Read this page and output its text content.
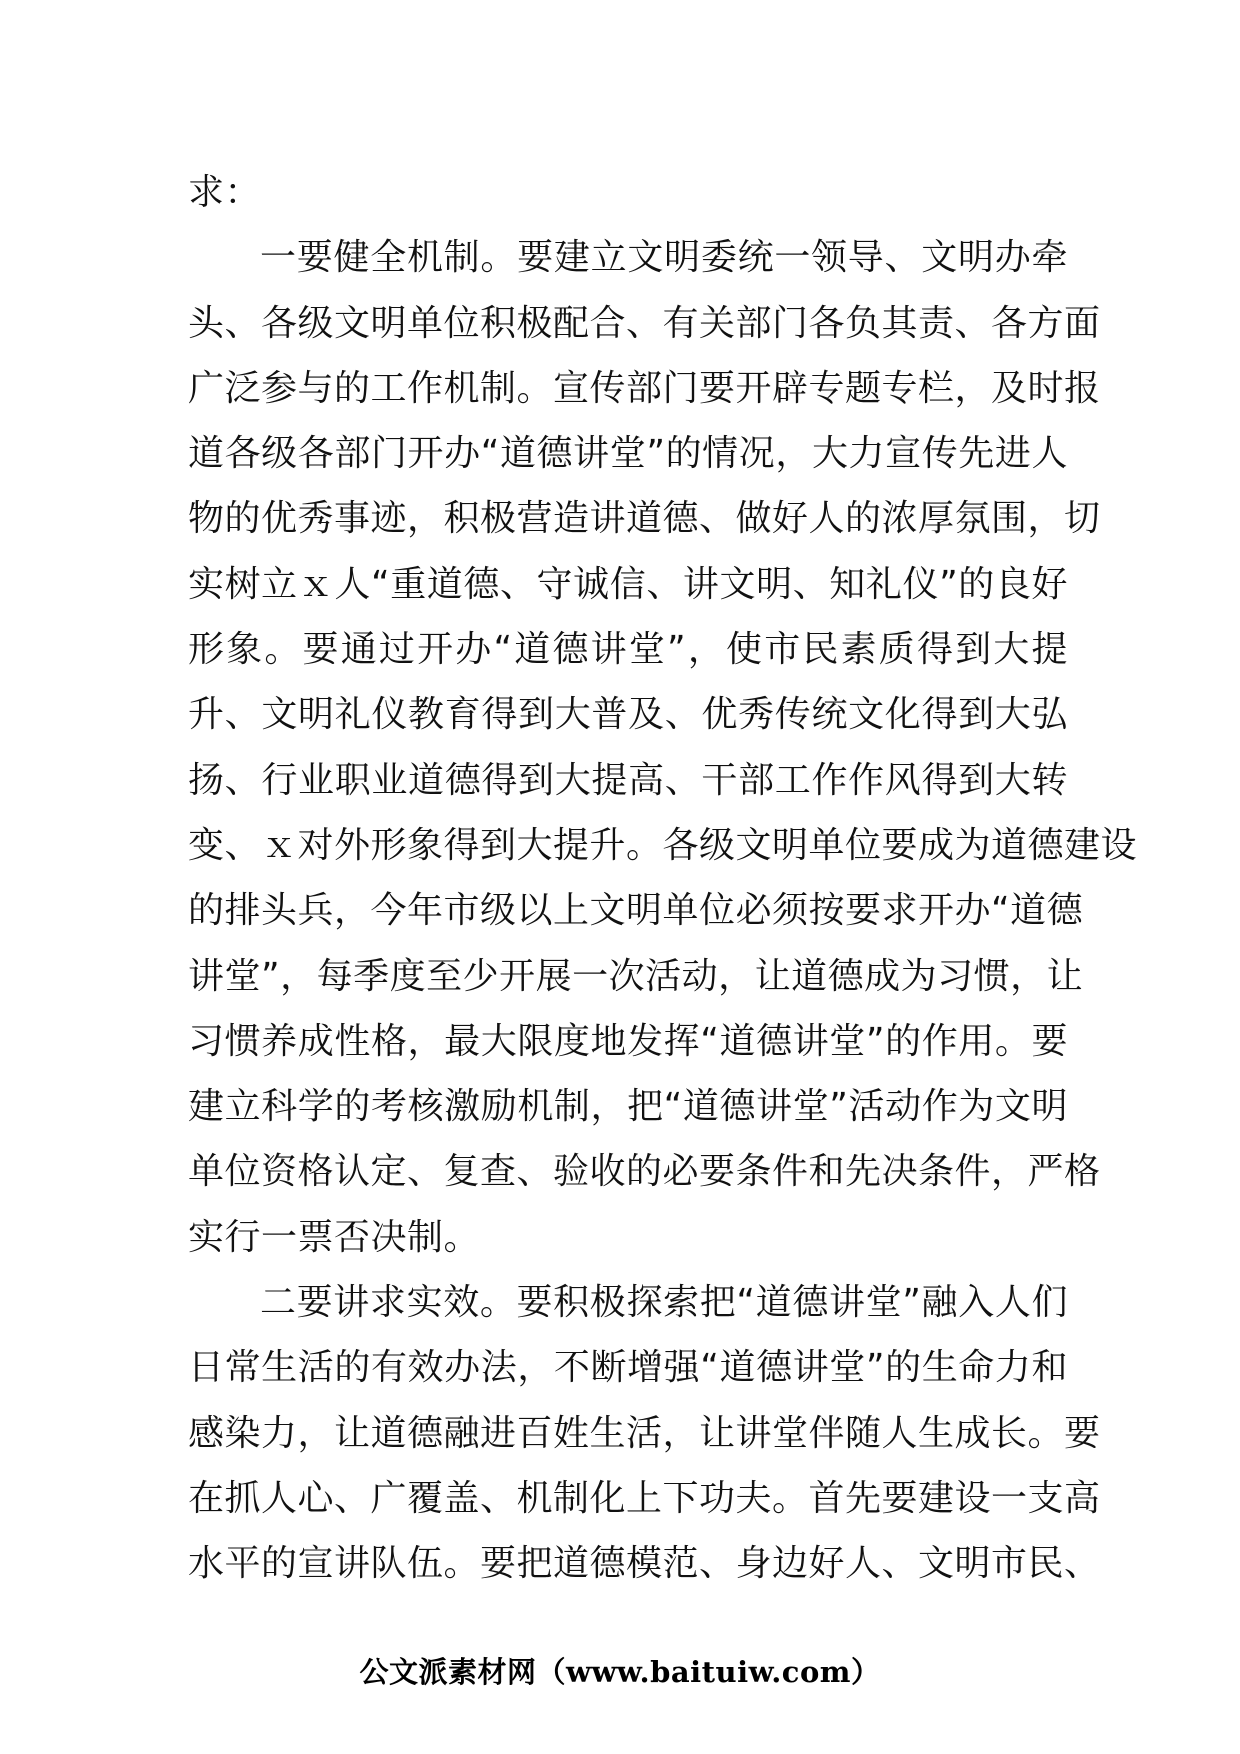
求：
一要健全机制。要建立文明委统一领导、文明办牵
头、各级文明单位积极配合、有关部门各负其责、各方面
广泛参与的工作机制。宣传部门要开辟专题专栏，及时报
道各级各部门开办“道德讲堂”的情况，大力宣传先进人
物的优秀事迹，积极营造讲道德、做好人的浓厚氛围，切
实树立ｘ人“重道德、守诚信、讲文明、知礼仪”的良好
形象。要通过开办“道德讲堂”，使市民素质得到大提
升、文明礼仪教育得到大普及、优秀传统文化得到大弘
扬、行业职业道德得到大提高、干部工作作风得到大转
变、ｘ对外形象得到大提升。各级文明单位要成为道德建设
的排头兵，今年市级以上文明单位必须按要求开办“道德
讲堂”，每季度至少开展一次活动，让道德成为习惯，让
习惯养成性格，最大限度地发挥“道德讲堂”的作用。要
建立科学的考核激励机制，把“道德讲堂”活动作为文明
单位资格认定、复查、验收的必要条件和先决条件，严格
实行一票否决制。
二要讲求实效。要积极探索把“道德讲堂”融入人们
日常生活的有效办法，不断增强“道德讲堂”的生命力和
感染力，让道德融进百姓生活，让讲堂伴随人生成长。要
在抓人心、广覆盖、机制化上下功夫。首先要建设一支高
水平的宣讲队伍。要把道德模范、身边好人、文明市民、
公文派素材网（www.baituiw.com）
